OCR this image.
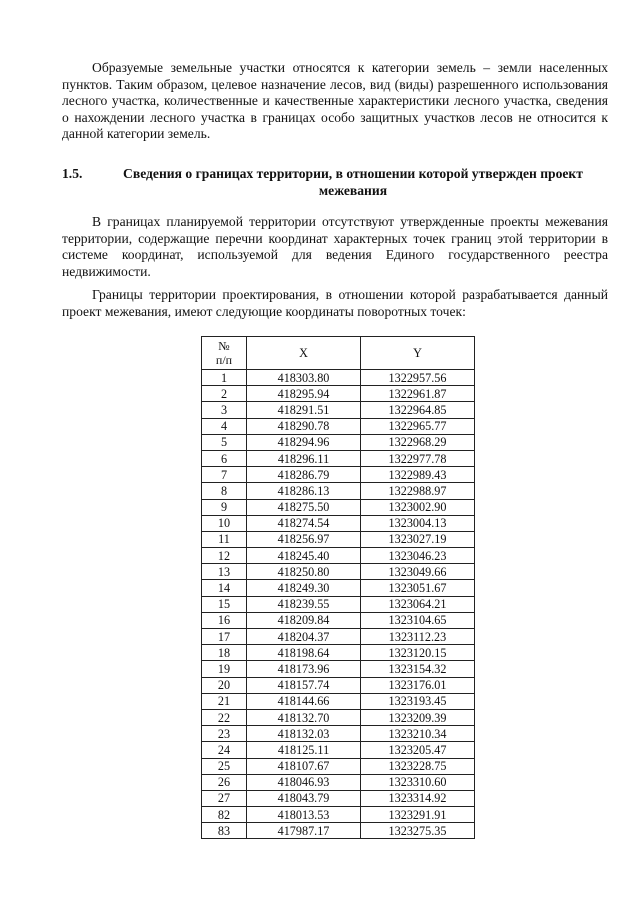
Образуемые земельные участки относятся к категории земель – земли населенных пунктов. Таким образом, целевое назначение лесов, вид (виды) разрешенного использования лесного участка, количественные и качественные характеристики лесного участка, сведения о нахождении лесного участка в границах особо защитных участков лесов не относится к данной категории земель.

1.5.	Сведения о границах территории, в отношении которой утвержден проект межевания

В границах планируемой территории отсутствуют утвержденные проекты межевания территории, содержащие перечни координат характерных точек границ этой территории в системе координат, используемой для ведения Единого государственного реестра недвижимости.

Границы территории проектирования, в отношении которой разрабатывается данный проект межевания, имеют следующие координаты поворотных точек:

№
п/п	X	Y
1	418303.80	1322957.56
2	418295.94	1322961.87
3	418291.51	1322964.85
4	418290.78	1322965.77
5	418294.96	1322968.29
6	418296.11	1322977.78
7	418286.79	1322989.43
8	418286.13	1322988.97
9	418275.50	1323002.90
10	418274.54	1323004.13
11	418256.97	1323027.19
12	418245.40	1323046.23
13	418250.80	1323049.66
14	418249.30	1323051.67
15	418239.55	1323064.21
16	418209.84	1323104.65
17	418204.37	1323112.23
18	418198.64	1323120.15
19	418173.96	1323154.32
20	418157.74	1323176.01
21	418144.66	1323193.45
22	418132.70	1323209.39
23	418132.03	1323210.34
24	418125.11	1323205.47
25	418107.67	1323228.75
26	418046.93	1323310.60
27	418043.79	1323314.92
82	418013.53	1323291.91
83	417987.17	1323275.35
